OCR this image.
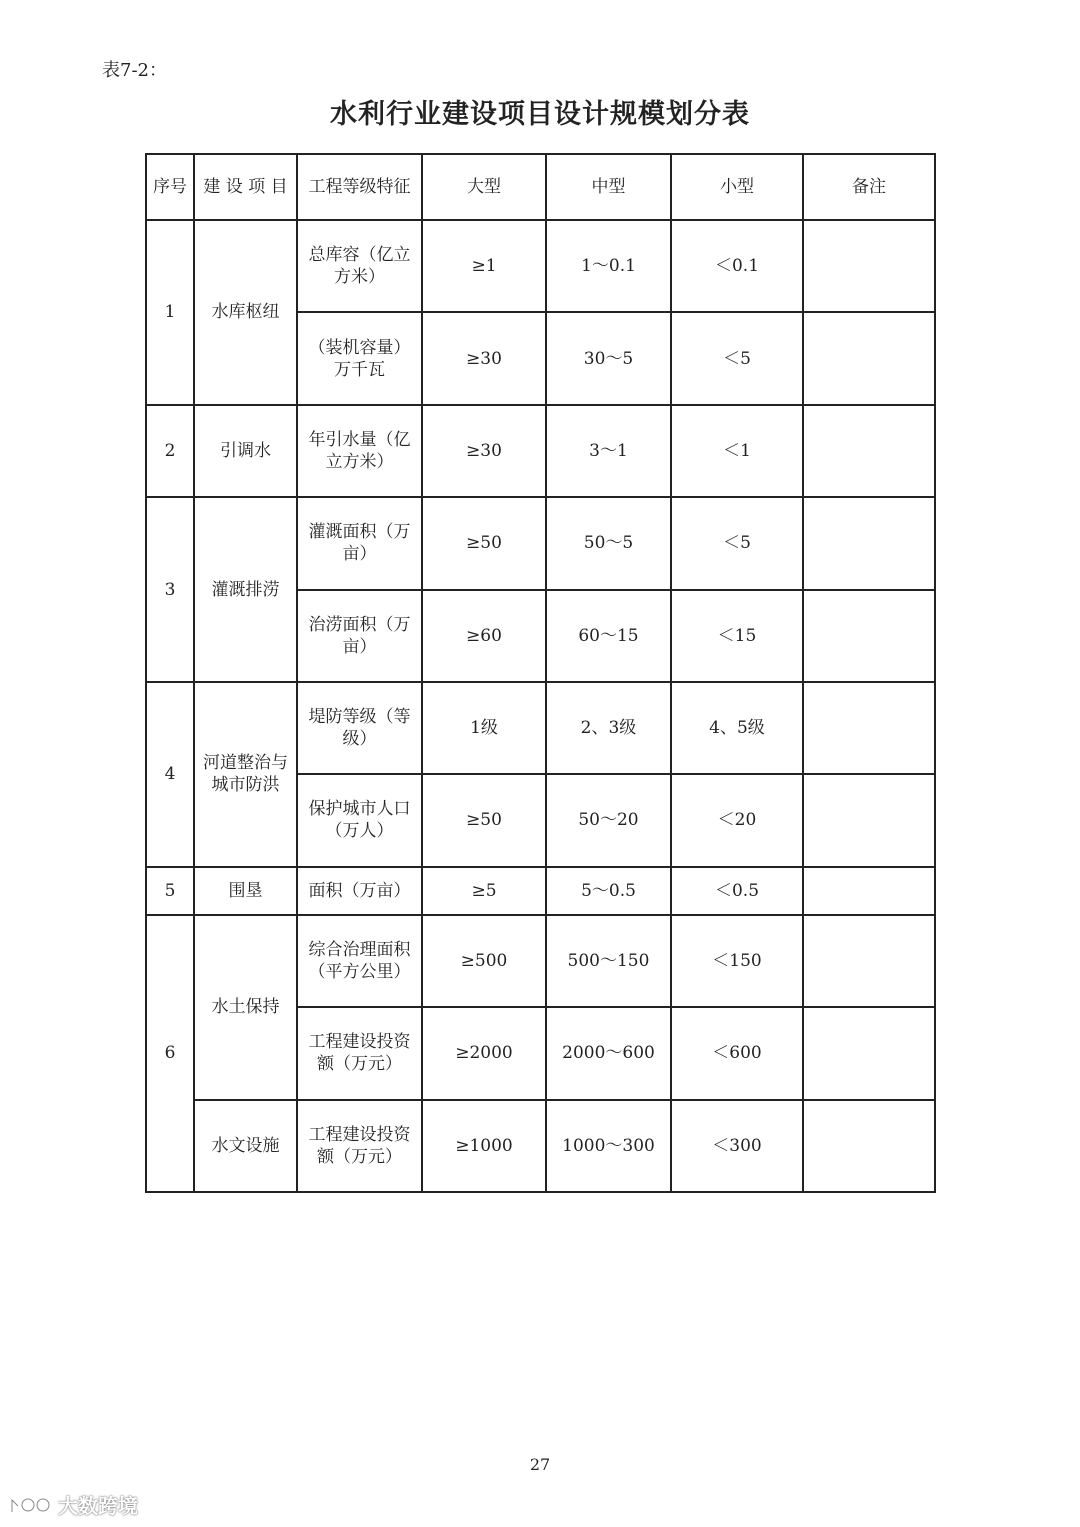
表7-2：
水利行业建设项目设计规模划分表
序号	建 设 项 目	工程等级特征	大型	中型	小型	备注
1	水库枢纽	总库容（亿立方米）	≥1	1～0.1	＜0.1	
		（装机容量）万千瓦	≥30	30～5	＜5	
2	引调水	年引水量（亿立方米）	≥30	3～1	＜1	
3	灌溉排涝	灌溉面积（万亩）	≥50	50～5	＜5	
		治涝面积（万亩）	≥60	60～15	＜15	
4	河道整治与城市防洪	堤防等级（等级）	1级	2、3级	4、5级	
		保护城市人口（万人）	≥50	50～20	＜20	
5	围垦	面积（万亩）	≥5	5～0.5	＜0.5	
6	水土保持	综合治理面积（平方公里）	≥500	500～150	＜150	
		工程建设投资额（万元）	≥2000	2000～600	＜600	
	水文设施	工程建设投资额（万元）	≥1000	1000～300	＜300	
27
大数跨境
